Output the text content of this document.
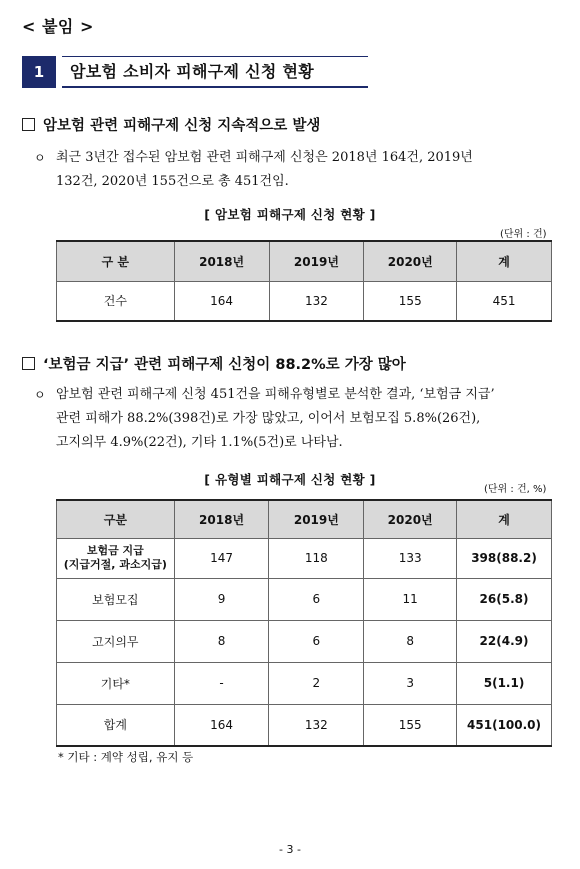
< 붙임 >
1	암보험 소비자 피해구제 신청 현황
암보험 관련 피해구제 신청 지속적으로 발생
ㅇ 최근 3년간 접수된 암보험 관련 피해구제 신청은 2018년 164건, 2019년
132건, 2020년 155건으로 총 451건임.
[ 암보험 피해구제 신청 현황 ]
(단위 : 건)
구 분	2018년	2019년	2020년	계
건수	164	132	155	451
‘보험금 지급’ 관련 피해구제 신청이 88.2%로 가장 많아
ㅇ 암보험 관련 피해구제 신청 451건을 피해유형별로 분석한 결과, ‘보험금 지급’
관련 피해가 88.2%(398건)로 가장 많았고, 이어서 보험모집 5.8%(26건),
고지의무 4.9%(22건), 기타 1.1%(5건)로 나타남.
[ 유형별 피해구제 신청 현황 ]
(단위 : 건, %)
구분	2018년	2019년	2020년	계

보험금 지급
(지급거절, 과소지급)	147	118	133	398(88.2)
보험모집	9	6	11	26(5.8)
고지의무	8	6	8	22(4.9)
기타*	-	2	3	5(1.1)
합계	164	132	155	451(100.0)
* 기타 : 계약 성립, 유지 등
- 3 -
